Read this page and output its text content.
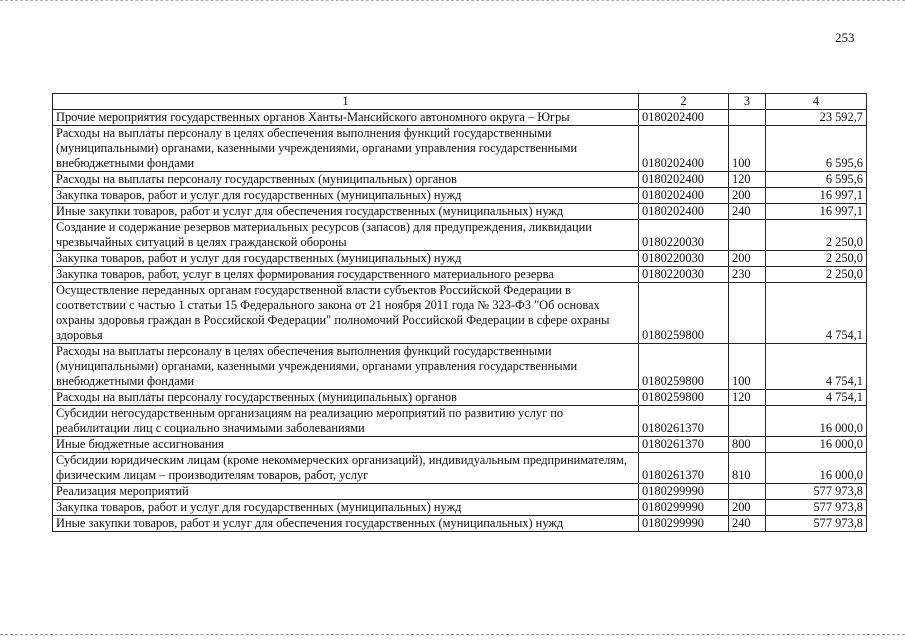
253
1	2	3	4
Прочие мероприятия государственных органов Ханты-Мансийского автономного округа – Югры	0180202400		23 592,7
Расходы на выплаты персоналу в целях обеспечения выполнения функций государственными (муниципальными) органами, казенными учреждениями, органами управления государственными внебюджетными фондами	0180202400	100	6 595,6
Расходы на выплаты персоналу государственных (муниципальных) органов	0180202400	120	6 595,6
Закупка товаров, работ и услуг для государственных (муниципальных) нужд	0180202400	200	16 997,1
Иные закупки товаров, работ и услуг для обеспечения государственных (муниципальных) нужд	0180202400	240	16 997,1
Создание и содержание резервов материальных ресурсов (запасов) для предупреждения, ликвидации чрезвычайных ситуаций в целях гражданской обороны	0180220030		2 250,0
Закупка товаров, работ и услуг для государственных (муниципальных) нужд	0180220030	200	2 250,0
Закупка товаров, работ, услуг в целях формирования государственного материального резерва	0180220030	230	2 250,0
Осуществление переданных органам государственной власти субъектов Российской Федерации в соответствии с частью 1 статьи 15 Федерального закона от 21 ноября 2011 года № 323-ФЗ "Об основах охраны здоровья граждан в Российской Федерации" полномочий Российской Федерации в сфере охраны здоровья	0180259800		4 754,1
Расходы на выплаты персоналу в целях обеспечения выполнения функций государственными (муниципальными) органами, казенными учреждениями, органами управления государственными внебюджетными фондами	0180259800	100	4 754,1
Расходы на выплаты персоналу государственных (муниципальных) органов	0180259800	120	4 754,1
Субсидии негосударственным организациям на реализацию мероприятий по развитию услуг по реабилитации лиц с социально значимыми заболеваниями	0180261370		16 000,0
Иные бюджетные ассигнования	0180261370	800	16 000,0
Субсидии юридическим лицам (кроме некоммерческих организаций), индивидуальным предпринимателям, физическим лицам – производителям товаров, работ, услуг	0180261370	810	16 000,0
Реализация мероприятий	0180299990		577 973,8
Закупка товаров, работ и услуг для государственных (муниципальных) нужд	0180299990	200	577 973,8
Иные закупки товаров, работ и услуг для обеспечения государственных (муниципальных) нужд	0180299990	240	577 973,8
